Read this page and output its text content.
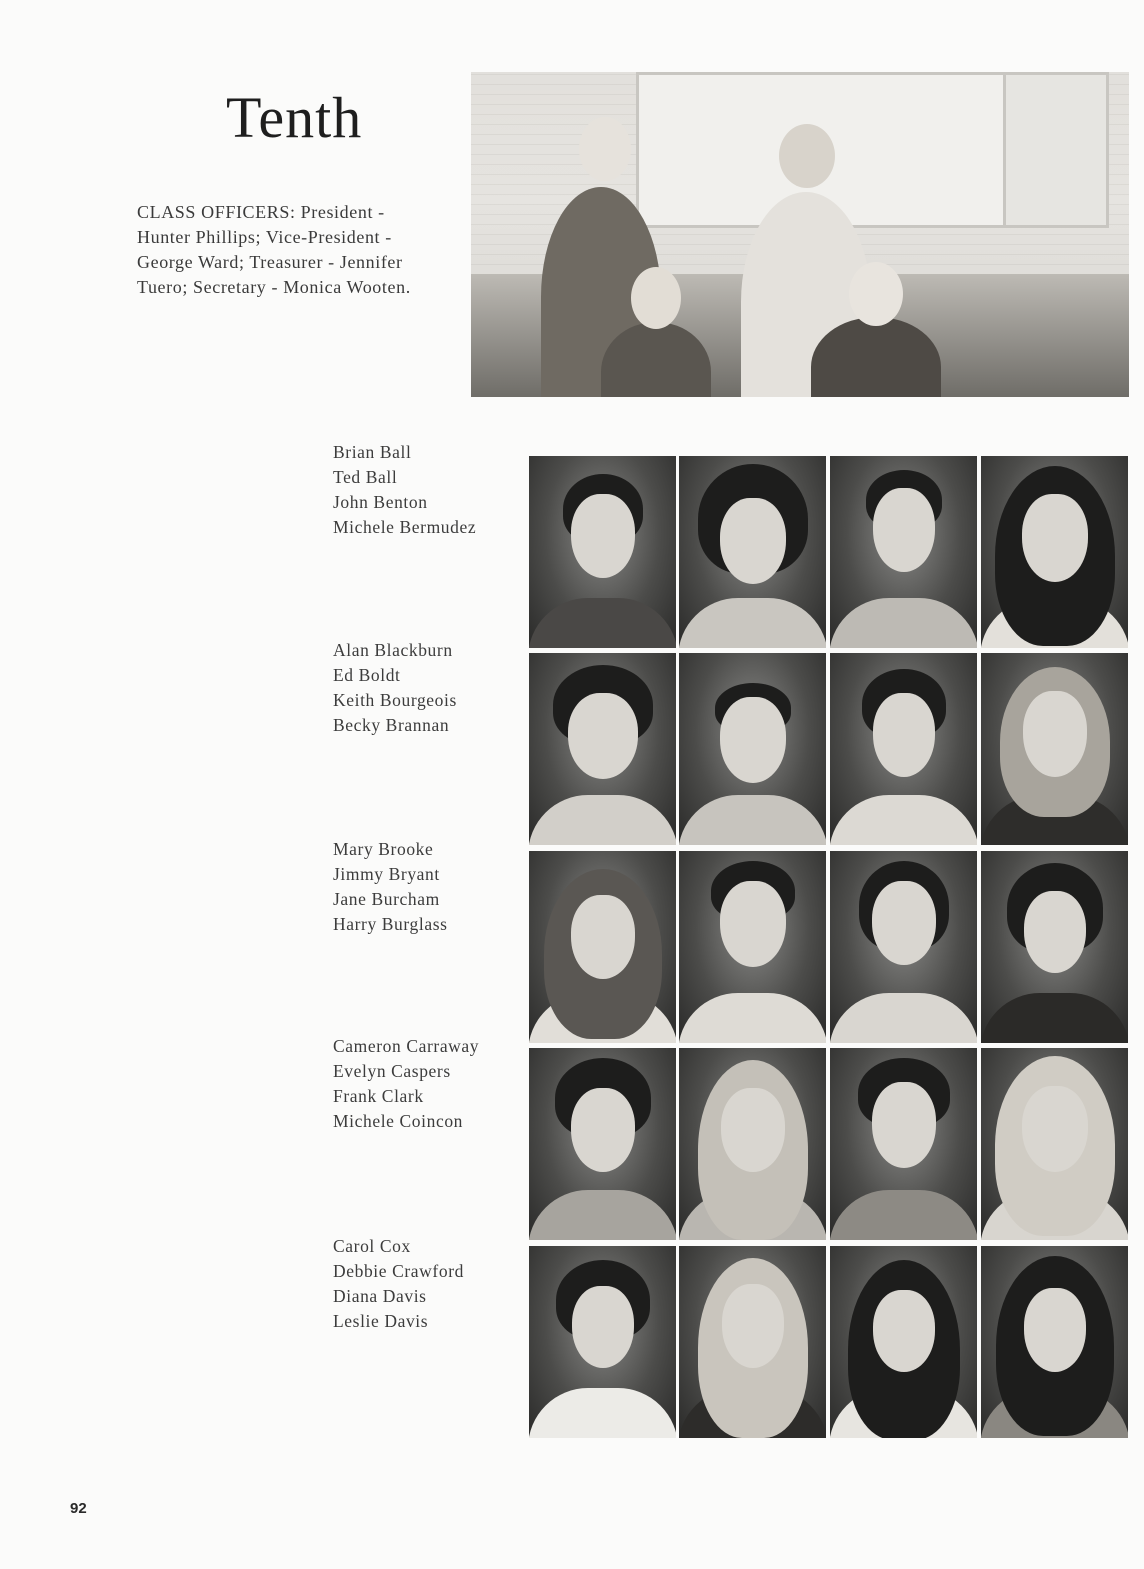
Tenth
CLASS OFFICERS: President -
Hunter Phillips; Vice-President -
George Ward; Treasurer - Jennifer
Tuero; Secretary - Monica Wooten.
Brian Ball
Ted Ball
John Benton
Michele Bermudez
Alan Blackburn
Ed Boldt
Keith Bourgeois
Becky Brannan
Mary Brooke
Jimmy Bryant
Jane Burcham
Harry Burglass
Cameron Carraway
Evelyn Caspers
Frank Clark
Michele Coincon
Carol Cox
Debbie Crawford
Diana Davis
Leslie Davis
92
